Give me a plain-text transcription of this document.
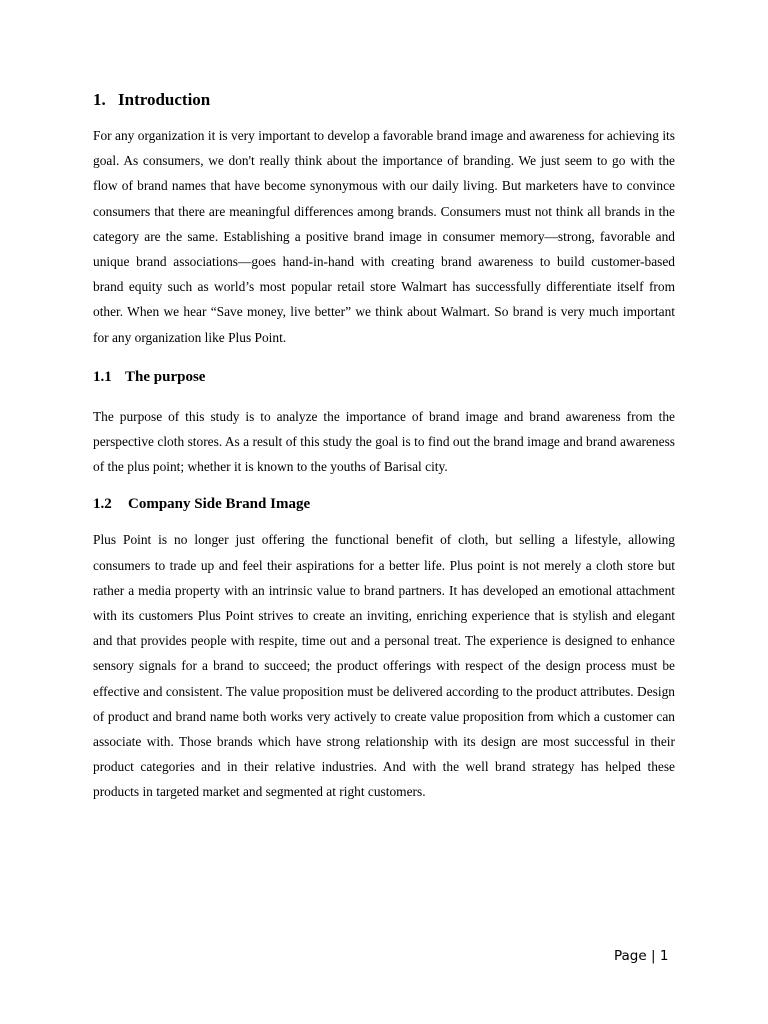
1. Introduction

For any organization it is very important to develop a favorable brand image and awareness for achieving its goal. As consumers, we don't really think about the importance of branding. We just seem to go with the flow of brand names that have become synonymous with our daily living. But marketers have to convince consumers that there are meaningful differences among brands. Consumers must not think all brands in the category are the same. Establishing a positive brand image in consumer memory—strong, favorable and unique brand associations—goes hand-in-hand with creating brand awareness to build customer-based brand equity such as world’s most popular retail store Walmart has successfully differentiate itself from other. When we hear “Save money, live better” we think about Walmart. So brand is very much important for any organization like Plus Point.

1.1 The purpose

The purpose of this study is to analyze the importance of brand image and brand awareness from the perspective cloth stores. As a result of this study the goal is to find out the brand image and brand awareness of the plus point; whether it is known to the youths of Barisal city.

1.2 Company Side Brand Image

Plus Point is no longer just offering the functional benefit of cloth, but selling a lifestyle, allowing consumers to trade up and feel their aspirations for a better life. Plus point is not merely a cloth store but rather a media property with an intrinsic value to brand partners. It has developed an emotional attachment with its customers Plus Point strives to create an inviting, enriching experience that is stylish and elegant and that provides people with respite, time out and a personal treat. The experience is designed to enhance sensory signals for a brand to succeed; the product offerings with respect of the design process must be effective and consistent. The value proposition must be delivered according to the product attributes. Design of product and brand name both works very actively to create value proposition from which a customer can associate with. Those brands which have strong relationship with its design are most successful in their product categories and in their relative industries. And with the well brand strategy has helped these products in targeted market and segmented at right customers.

Page | 1
